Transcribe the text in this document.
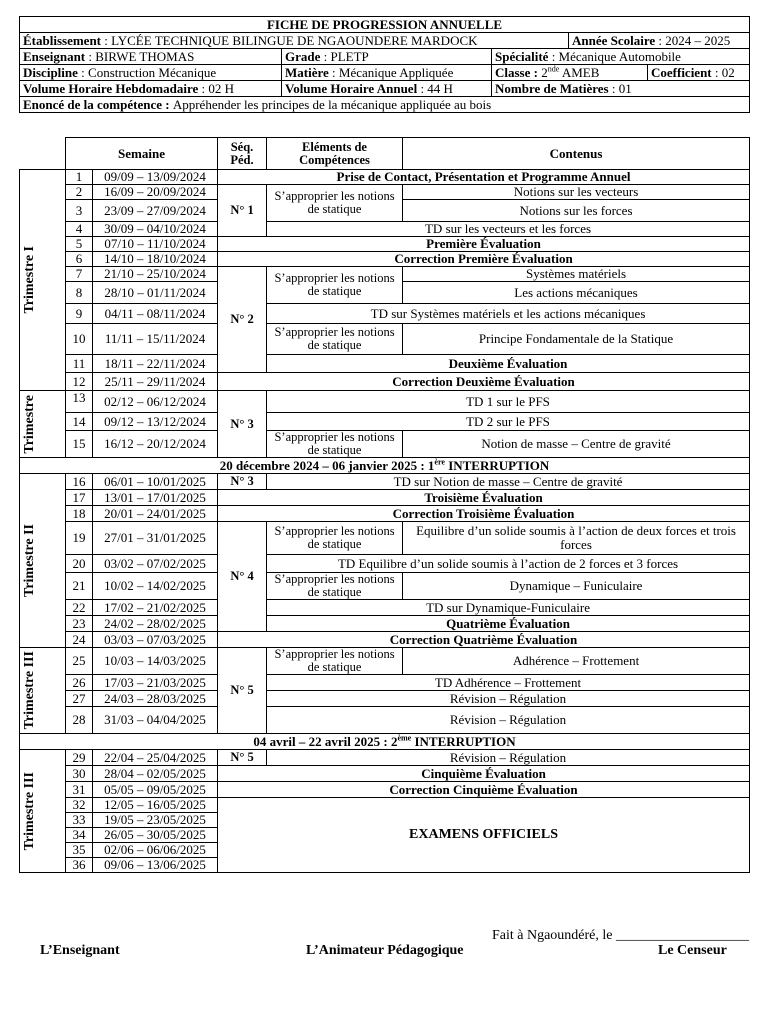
FICHE DE PROGRESSION ANNUELLE				
Établissement : LYCÉE TECHNIQUE BILINGUE DE NGAOUNDERE MARDOCK			Année Scolaire : 2024 – 2025	
Enseignant : BIRWE THOMAS	Grade : PLETP	Spécialité : Mécanique Automobile		
Discipline : Construction Mécanique	Matière : Mécanique Appliquée	Classe : 2nde AMEB		Coefficient : 02
Volume Horaire Hebdomadaire : 02 H	Volume Horaire Annuel : 44 H	Nombre de Matières : 01		
Enoncé de la compétence : Appréhender les principes de la mécanique appliquée au bois				
	Semaine		Séq. Péd.	Eléments de Compétences	Contenus

Trimestre I	1	09/09 – 13/09/2024	Prise de Contact, Présentation et Programme Annuel		
	2	16/09 – 20/09/2024	N° 1	S’approprier les notions de statique	Notions sur les vecteurs
	3	23/09 – 27/09/2024			Notions sur les forces
	4	30/09 – 04/10/2024		TD sur les vecteurs et les forces	
	5	07/10 – 11/10/2024	Première Évaluation		
	6	14/10 – 18/10/2024	Correction Première Évaluation		
	7	21/10 – 25/10/2024	N° 2	S’approprier les notions de statique	Systèmes matériels
	8	28/10 – 01/11/2024			Les actions mécaniques
	9	04/11 – 08/11/2024		TD sur Systèmes matériels et les actions mécaniques	
	10	11/11 – 15/11/2024		S’approprier les notions de statique	Principe Fondamentale de la Statique
	11	18/11 – 22/11/2024		Deuxième Évaluation	
	12	25/11 – 29/11/2024	Correction Deuxième Évaluation		

Trimestre	13	02/12 – 06/12/2024	N° 3	TD 1 sur le PFS	
	14	09/12 – 13/12/2024		TD 2 sur le PFS	
	15	16/12 – 20/12/2024		S’approprier les notions de statique	Notion de masse – Centre de gravité
20 décembre 2024 – 06 janvier 2025 : 1ère INTERRUPTION					

Trimestre II	16	06/01 – 10/01/2025	N° 3	TD sur Notion de masse – Centre de gravité	
	17	13/01 – 17/01/2025	Troisième Évaluation		
	18	20/01 – 24/01/2025	Correction Troisième Évaluation		
	19	27/01 – 31/01/2025	N° 4	S’approprier les notions de statique	Equilibre d’un solide soumis à l’action de deux forces et trois forces
	20	03/02 – 07/02/2025		TD Equilibre d’un solide soumis à l’action de 2 forces et 3 forces	
	21	10/02 – 14/02/2025		S’approprier les notions de statique	Dynamique – Funiculaire
	22	17/02 – 21/02/2025		TD sur Dynamique-Funiculaire	
	23	24/02 – 28/02/2025		Quatrième Évaluation	
	24	03/03 – 07/03/2025	Correction Quatrième Évaluation		

Trimestre III	25	10/03 – 14/03/2025	N° 5	S’approprier les notions de statique	Adhérence – Frottement
	26	17/03 – 21/03/2025		TD Adhérence – Frottement	
	27	24/03 – 28/03/2025		Révision – Régulation	
	28	31/03 – 04/04/2025		Révision – Régulation	
04 avril – 22 avril 2025 : 2ème INTERRUPTION					

Trimestre III	29	22/04 – 25/04/2025	N° 5	Révision – Régulation	
	30	28/04 – 02/05/2025	Cinquième Évaluation		
	31	05/05 – 09/05/2025	Correction Cinquième Évaluation		
	32	12/05 – 16/05/2025	EXAMENS OFFICIELS		
	33	19/05 – 23/05/2025			
	34	26/05 – 30/05/2025			
	35	02/06 – 06/06/2025			
	36	09/06 – 13/06/2025			
Fait à Ngaoundéré, le ___________________
L’Enseignant	L’Animateur Pédagogique	Le Censeur
